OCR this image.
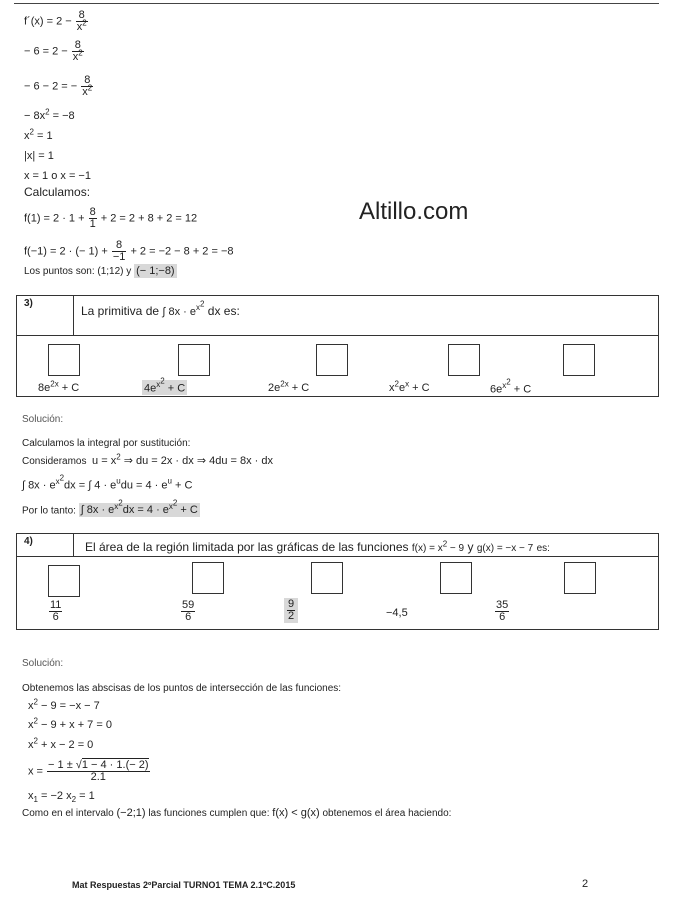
f´(x) = $2 - \frac{8}{x^2}$
− $6 = 2 - \frac{8}{x^2}$
− 6 − 2 = − $\frac{8}{x^2}$
− $8x^2 = -8$
$x^2 = 1$
|x| = 1
x = 1 o x = −1
Calculamos:
$f(1) = 2 \cdot 1 + \frac{8}{1} + 2 = 2 + 8 + 2 = 12$
f(−1) = 2 · (− $1) + \frac{8}{-1} + 2 = -2 - 8 + 2 = -8$
Los puntos son: (1;12) y (− 1;−8)
Altillo.com
3)
La primitiva de ∫ $8x \cdot e^{x^2}$ dx es:
$8e^{2x} + C$	$4e^{x^2} + C$	$2e^{2x} + C$	$x^2e^x + C$	$6e^{x^2} + C$
Solución:
Calculamos la integral por sustitución:
Consideramos $u = x^2$ ⇒ du = 2x · dx ⇒ 4du = 8x · dx
∫ $8x \cdot e^{x^2}dx$ = ∫ $4 \cdot e^udu = 4 \cdot e^u + C$
Por lo tanto: ∫ $8x \cdot e^{x^2}dx = 4 \cdot e^{x^2} + C$
4)	El área de la región limitada por las gráficas de las funciones $f(x) = x^2 - 9$ y g(x) = −x − 7 es:
$\frac{11}{6}$	$\frac{59}{6}$	$\frac{9}{2}$	−4,5	$\frac{35}{6}$
Solución:
Obtenemos las abscisas de los puntos de intersección de las funciones:
$x^2 - 9 = -x - 7$
$x^2 - 9 + x + 7 = 0$
$x^2 + x - 2 = 0$
$x = \frac{- 1 \pm √1 - 4 \cdot 1.(- 2)}{2.1}$
$x_1 = -2$ $x_2 = 1$
Como en el intervalo (−2;1) las funciones cumplen que: f(x) < g(x) obtenemos el área haciendo:
Mat Respuestas 2ºParcial TURNO1 TEMA 2.1ºC.2015	2
